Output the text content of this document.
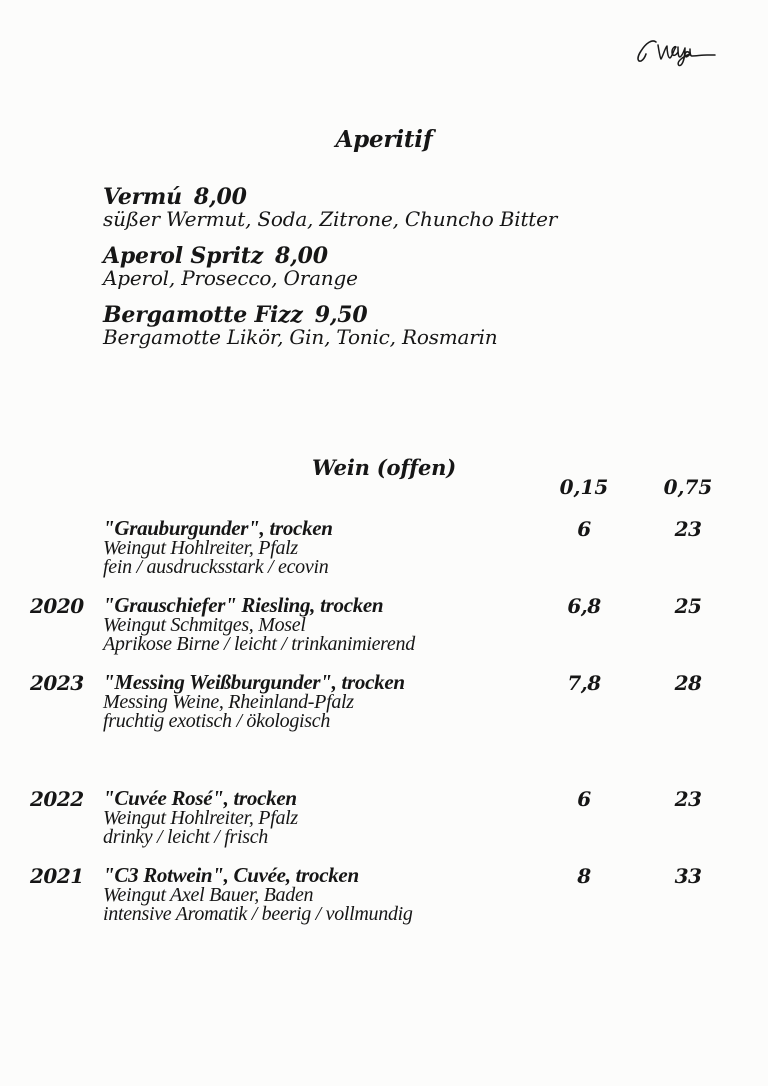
Aperitif
Vermú 8,00
süßer Wermut, Soda, Zitrone, Chuncho Bitter
Aperol Spritz 8,00
Aperol, Prosecco, Orange
Bergamotte Fizz 9,50
Bergamotte Likör, Gin, Tonic, Rosmarin
Wein (offen)
0,15	0,75
"Grauburgunder", trocken
Weingut Hohlreiter, Pfalz
fein / ausdrucksstark / ecovin
6	23
2020 "Grauschiefer" Riesling, trocken
Weingut Schmitges, Mosel
Aprikose Birne / leicht / trinkanimierend
6,8	25
2023 "Messing Weißburgunder", trocken
Messing Weine, Rheinland-Pfalz
fruchtig exotisch / ökologisch
7,8	28
2022 "Cuvée Rosé", trocken
Weingut Hohlreiter, Pfalz
drinky / leicht / frisch
6	23
2021 "C3 Rotwein", Cuvée, trocken
Weingut Axel Bauer, Baden
intensive Aromatik / beerig / vollmundig
8	33
